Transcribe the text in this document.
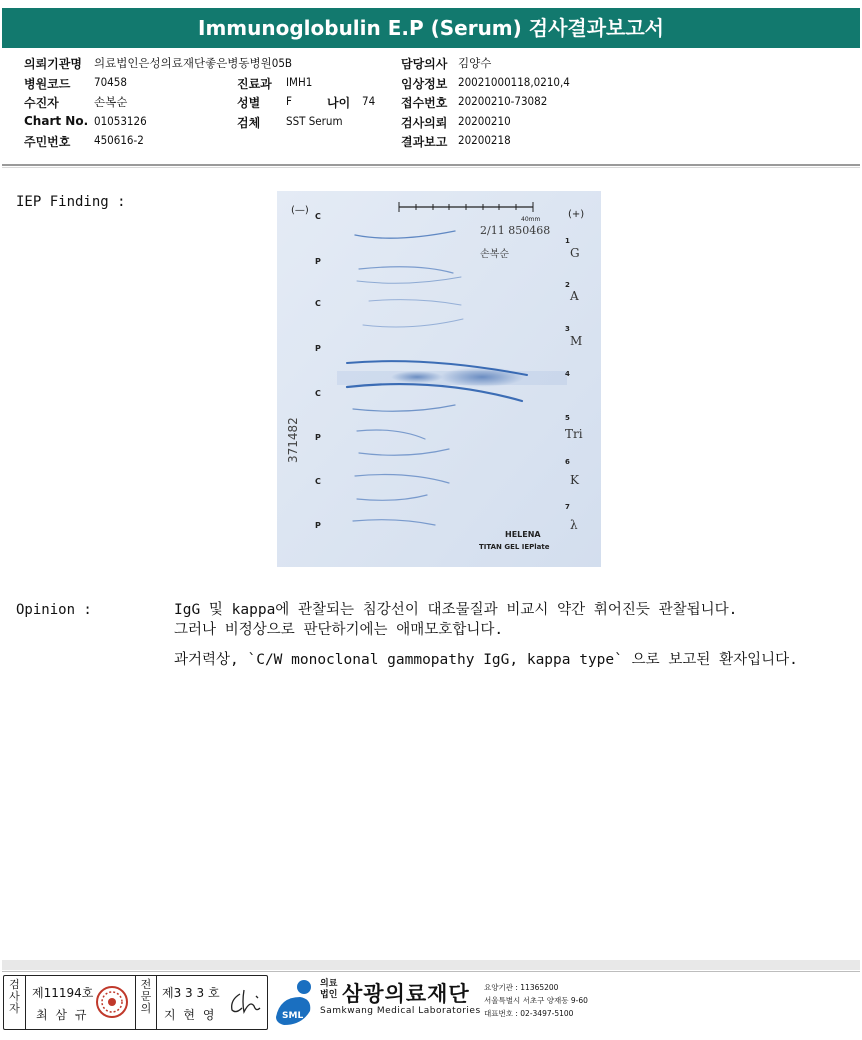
Immunoglobulin E.P (Serum) 검사결과보고서
의뢰기관명 의료법인은성의료재단좋은병동병원05B	담당의사 김양수
병원코드 70458	진료과 IMH1	임상정보 20021000118,0210,4
수진자	손복순	성별 F	나이 74 접수번호 20200210-73082
Chart No. 01053126	검체 SST Serum	검사의뢰 20200210
주민번호 450616-2	결과보고 20200218
IEP Finding :
40mm
(—)	(+)
2/11 850468
손복순
371482
C
P
C
P
C
P
C
P
1
2
3
4
5
6
7
G
A
M
Tri
K
λ
HELENA
TITAN GEL IEPlate
Opinion :	IgG 및 kappa에 관찰되는 침강선이 대조물질과 비교시 약간 휘어진듯 관찰됩니다.

그러나 비정상으로 판단하기에는 애매모호합니다.

과거력상, `C/W monoclonal gammopathy IgG, kappa type` 으로 보고된 환자입니다.

검사자
제11194호
최 삼 규
전문의
제3 3 3 호
지 현 영	SML
의료
법인 삼광의료재단
Samkwang Medical Laboratories
요양기관 : 11365200
서울특별시 서초구 양재동 9-60
대표번호 : 02-3497-5100
